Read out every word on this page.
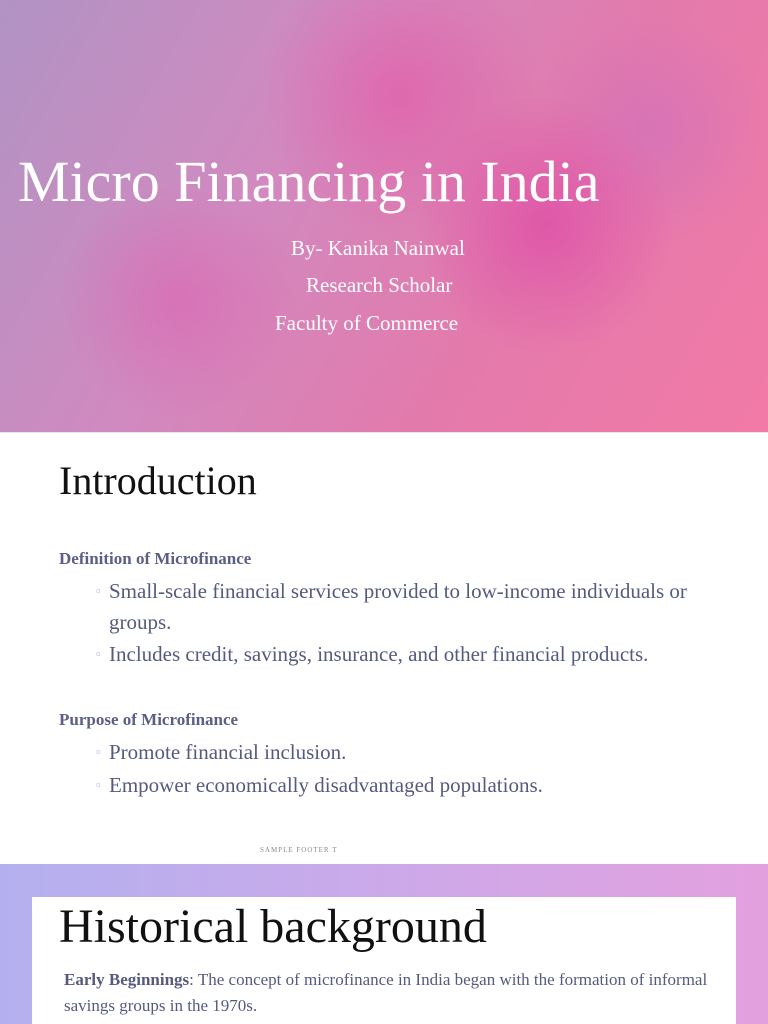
Micro Financing in India
By- Kanika Nainwal
Research Scholar
Faculty of Commerce
Introduction
Definition of Microfinance
▫ Small-scale financial services provided to low-income individuals or groups.
▫ Includes credit, savings, insurance, and other financial products.
Purpose of Microfinance
▫ Promote financial inclusion.
▫ Empower economically disadvantaged populations.
SAMPLE FOOTER T
Historical background
Early Beginnings: The concept of microfinance in India began with the formation of informal savings groups in the 1970s.
